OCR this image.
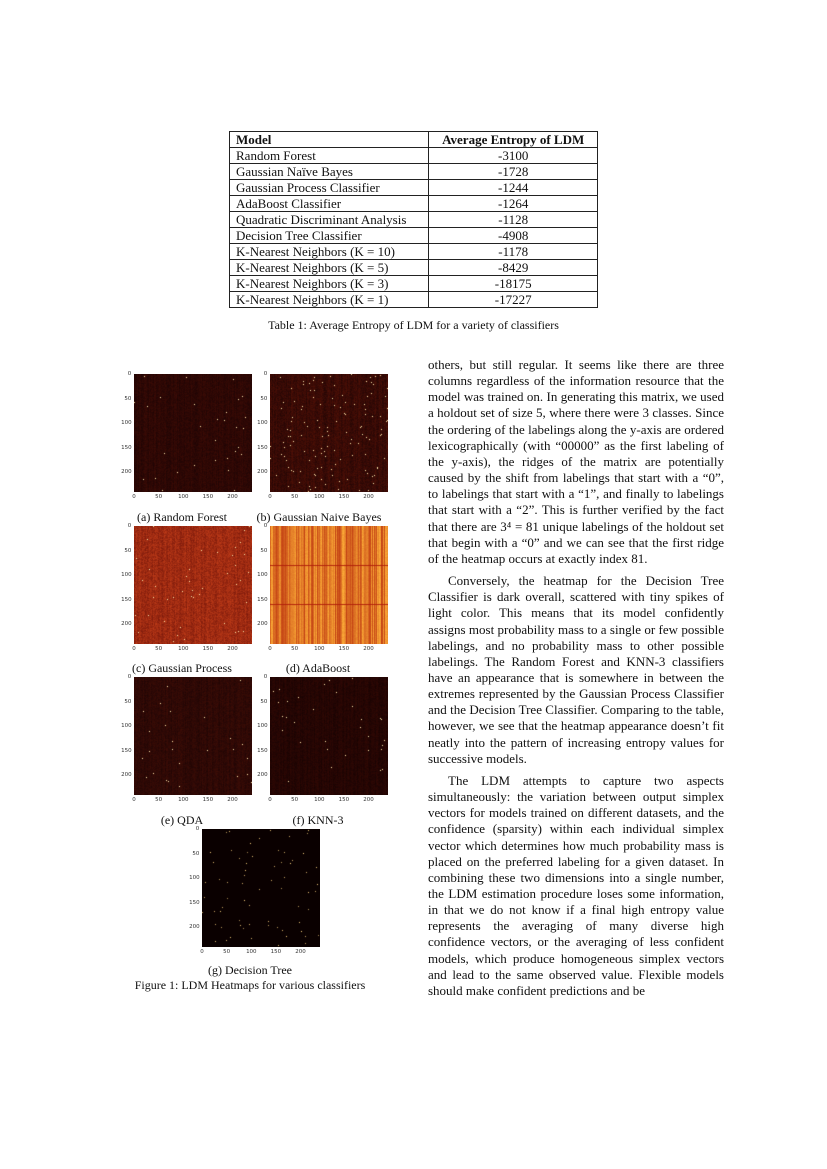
Model	Average Entropy of LDM
Random Forest	-3100
Gaussian Naïve Bayes	-1728
Gaussian Process Classifier	-1244
AdaBoost Classifier	-1264
Quadratic Discriminant Analysis	-1128
Decision Tree Classifier	-4908
K-Nearest Neighbors (K = 10)	-1178
K-Nearest Neighbors (K = 5)	-8429
K-Nearest Neighbors (K = 3)	-18175
K-Nearest Neighbors (K = 1)	-17227
Table 1: Average Entropy of LDM for a variety of classifiers
0
0
50
50
100
100
150
150
200
200
0
0
50
50
100
100
150
150
200
200
0
0
50
50
100
100
150
150
200
200
0
0
50
50
100
100
150
150
200
200
0
0
50
50
100
100
150
150
200
200
0
0
50
50
100
100
150
150
200
200
0
0
50
50
100
100
150
150
200
200
(a) Random Forest	(b) Gaussian Naive Bayes
(c) Gaussian Process	(d) AdaBoost
(e) QDA	(f) KNN-3
(g) Decision Tree
Figure 1: LDM Heatmaps for various classifiers

others, but still regular. It seems like there are three columns regardless of the information resource that the model was trained on. In generating this matrix, we used a holdout set of size 5, where there were 3 classes. Since the ordering of the labelings along the y-axis are ordered lexicographically (with “00000” as the first labeling of the y-axis), the ridges of the matrix are potentially caused by the shift from labelings that start with a “0”, to labelings that start with a “1”, and finally to labelings that start with a “2”. This is further verified by the fact that there are 3⁴ = 81 unique labelings of the holdout set that begin with a “0” and we can see that the first ridge of the heatmap occurs at exactly index 81.

Conversely, the heatmap for the Decision Tree Classifier is dark overall, scattered with tiny spikes of light color. This means that its model confidently assigns most probability mass to a single or few possible labelings, and no probability mass to other possible labelings. The Random Forest and KNN-3 classifiers have an appearance that is somewhere in between the extremes represented by the Gaussian Process Classifier and the Decision Tree Classifier. Comparing to the table, however, we see that the heatmap appearance doesn’t fit neatly into the pattern of increasing entropy values for successive models.

The LDM attempts to capture two aspects simultaneously: the variation between output simplex vectors for models trained on different datasets, and the confidence (sparsity) within each individual simplex vector which determines how much probability mass is placed on the preferred labeling for a given dataset. In combining these two dimensions into a single number, the LDM estimation procedure loses some information, in that we do not know if a final high entropy value represents the averaging of many diverse high confidence vectors, or the averaging of less confident models, which produce homogeneous simplex vectors and lead to the same observed value. Flexible models should make confident predictions and be
